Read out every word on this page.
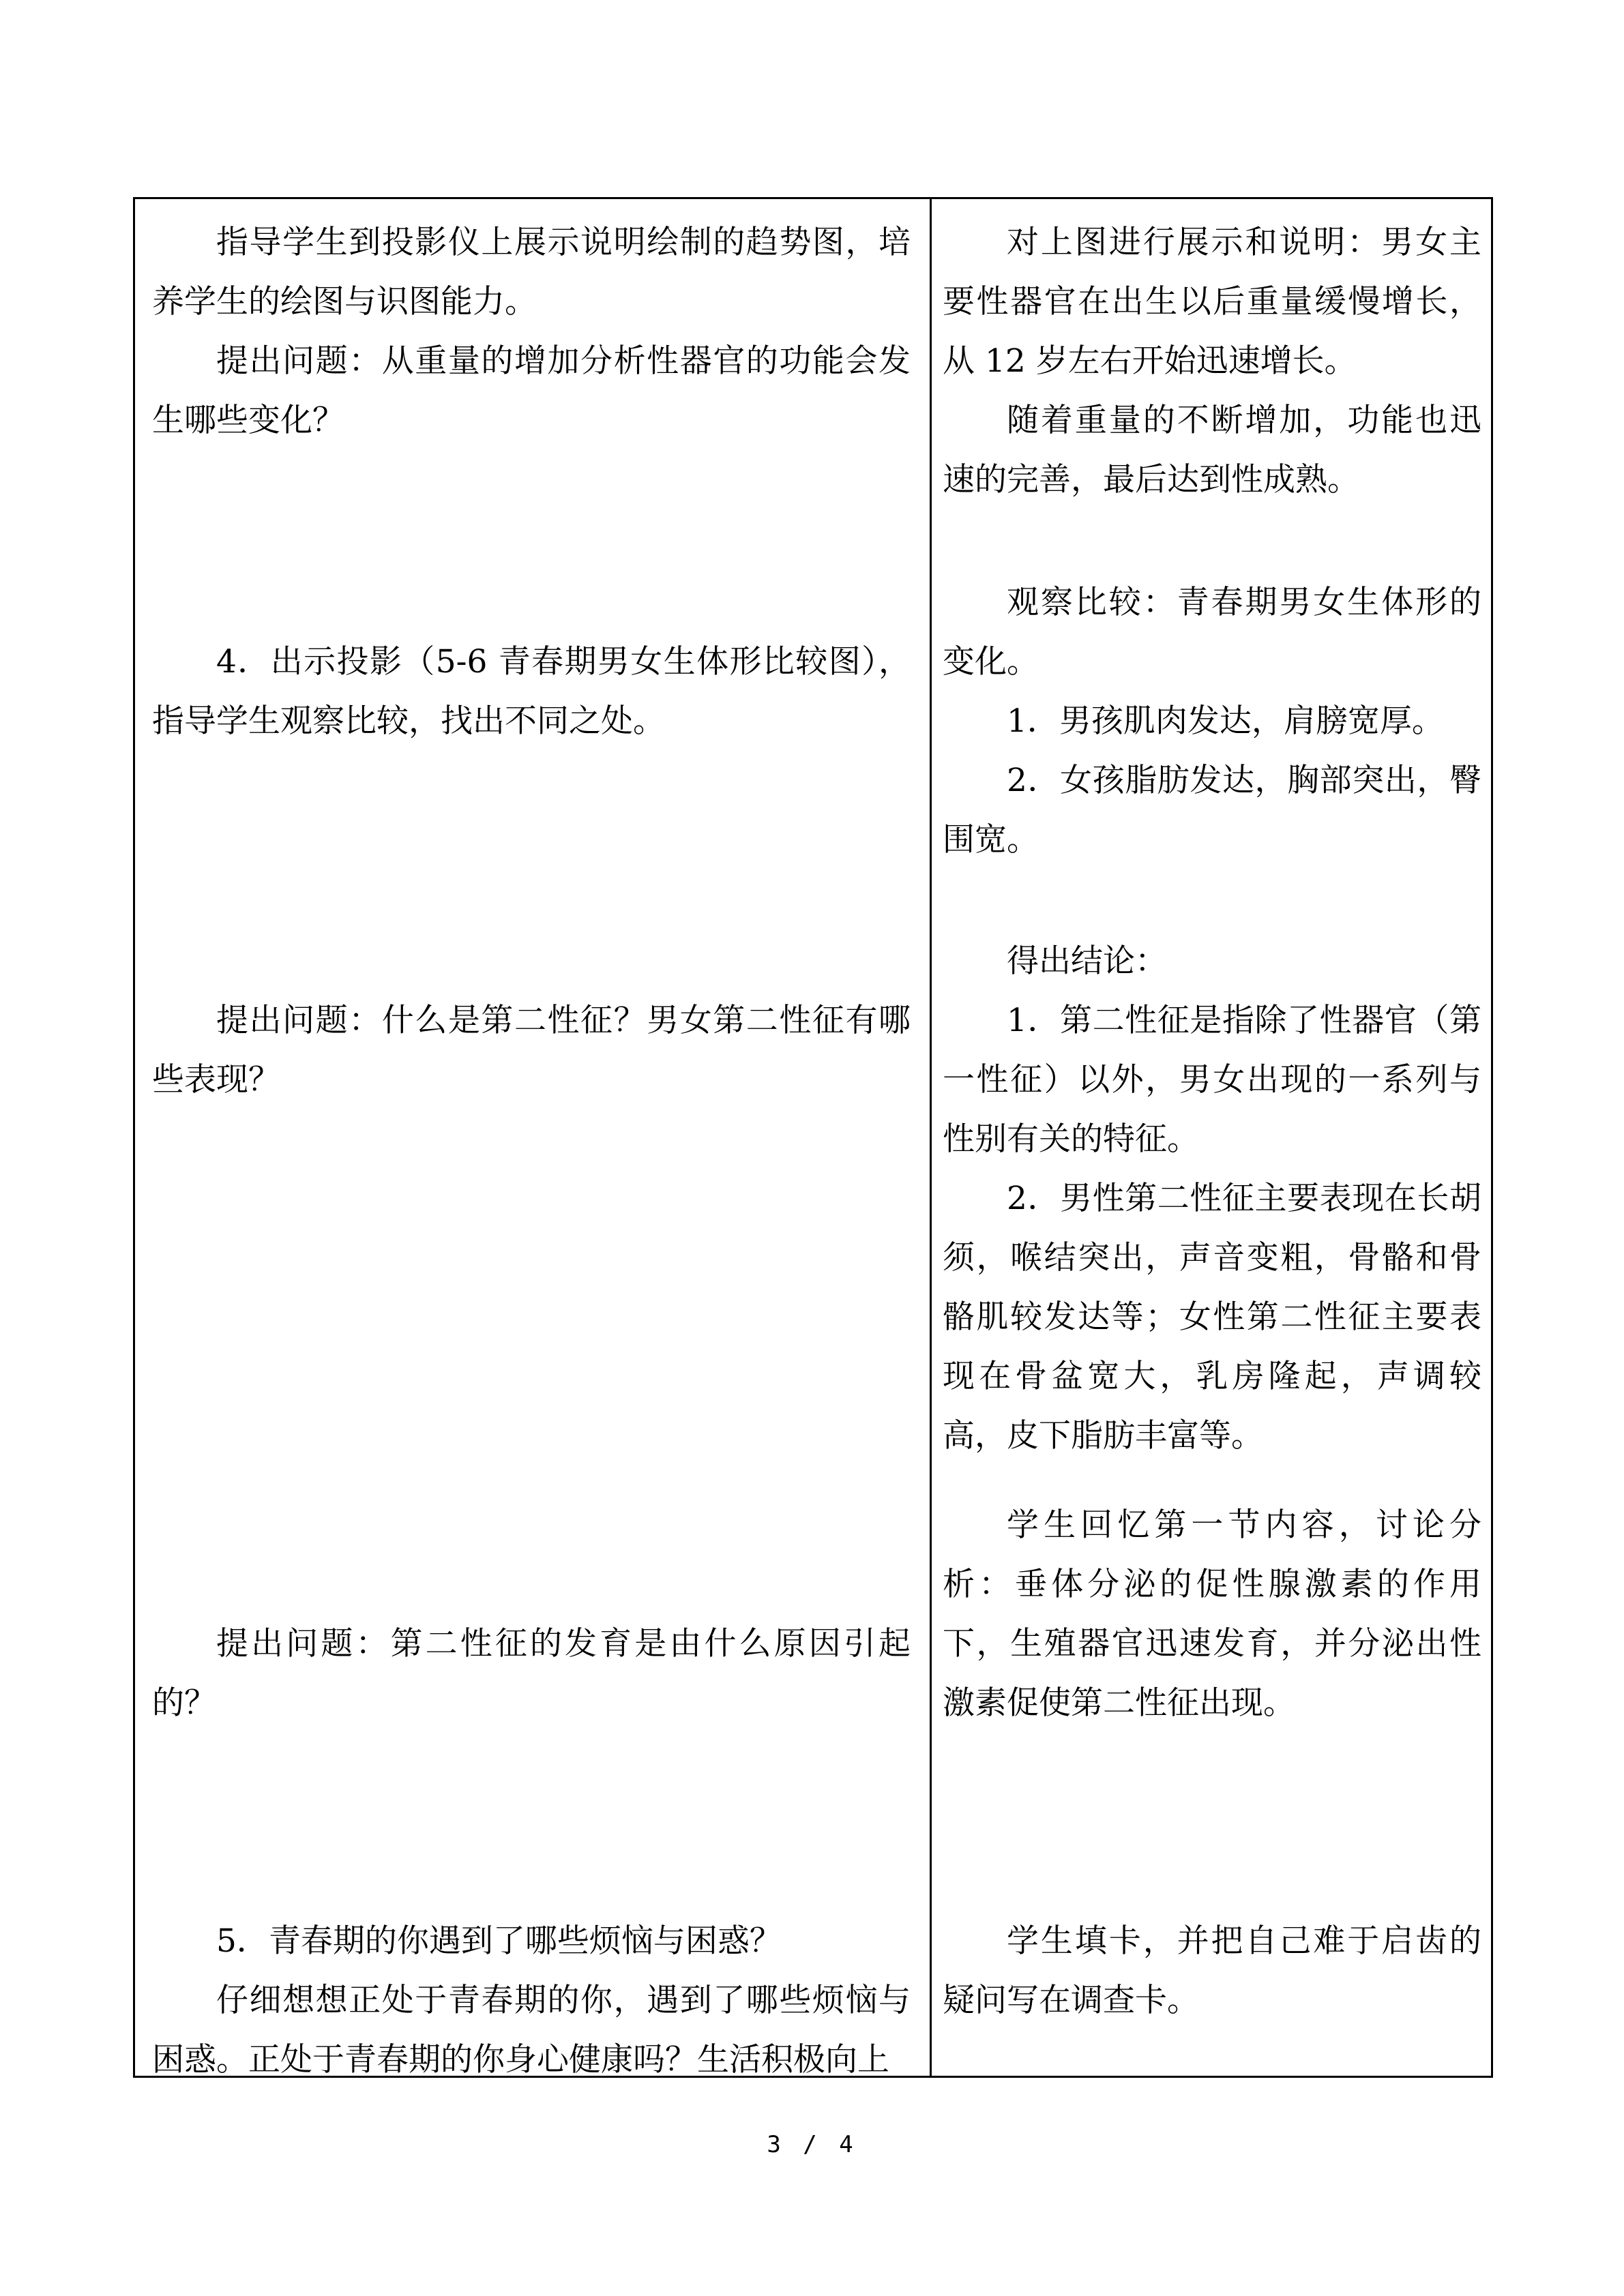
指导学生到投影仪上展示说明绘制的趋势图，培养学生的绘图与识图能力。

提出问题：从重量的增加分析性器官的功能会发生哪些变化？

4．出示投影（5-6 青春期男女生体形比较图），指导学生观察比较，找出不同之处。

提出问题：什么是第二性征？男女第二性征有哪些表现？

提出问题：第二性征的发育是由什么原因引起的？

5．青春期的你遇到了哪些烦恼与困惑？

仔细想想正处于青春期的你，遇到了哪些烦恼与困惑。正处于青春期的你身心健康吗？生活积极向上

对上图进行展示和说明：男女主要性器官在出生以后重量缓慢增长，从 12 岁左右开始迅速增长。

随着重量的不断增加，功能也迅速的完善，最后达到性成熟。

观察比较：青春期男女生体形的变化。

1．男孩肌肉发达，肩膀宽厚。

2．女孩脂肪发达，胸部突出，臀围宽。

得出结论：

1．第二性征是指除了性器官（第一性征）以外，男女出现的一系列与性别有关的特征。

2．男性第二性征主要表现在长胡须，喉结突出，声音变粗，骨骼和骨骼肌较发达等；女性第二性征主要表现在骨盆宽大，乳房隆起，声调较高，皮下脂肪丰富等。

学生回忆第一节内容，讨论分析：垂体分泌的促性腺激素的作用下，生殖器官迅速发育，并分泌出性激素促使第二性征出现。

学生填卡，并把自己难于启齿的疑问写在调查卡。

3 / 4
